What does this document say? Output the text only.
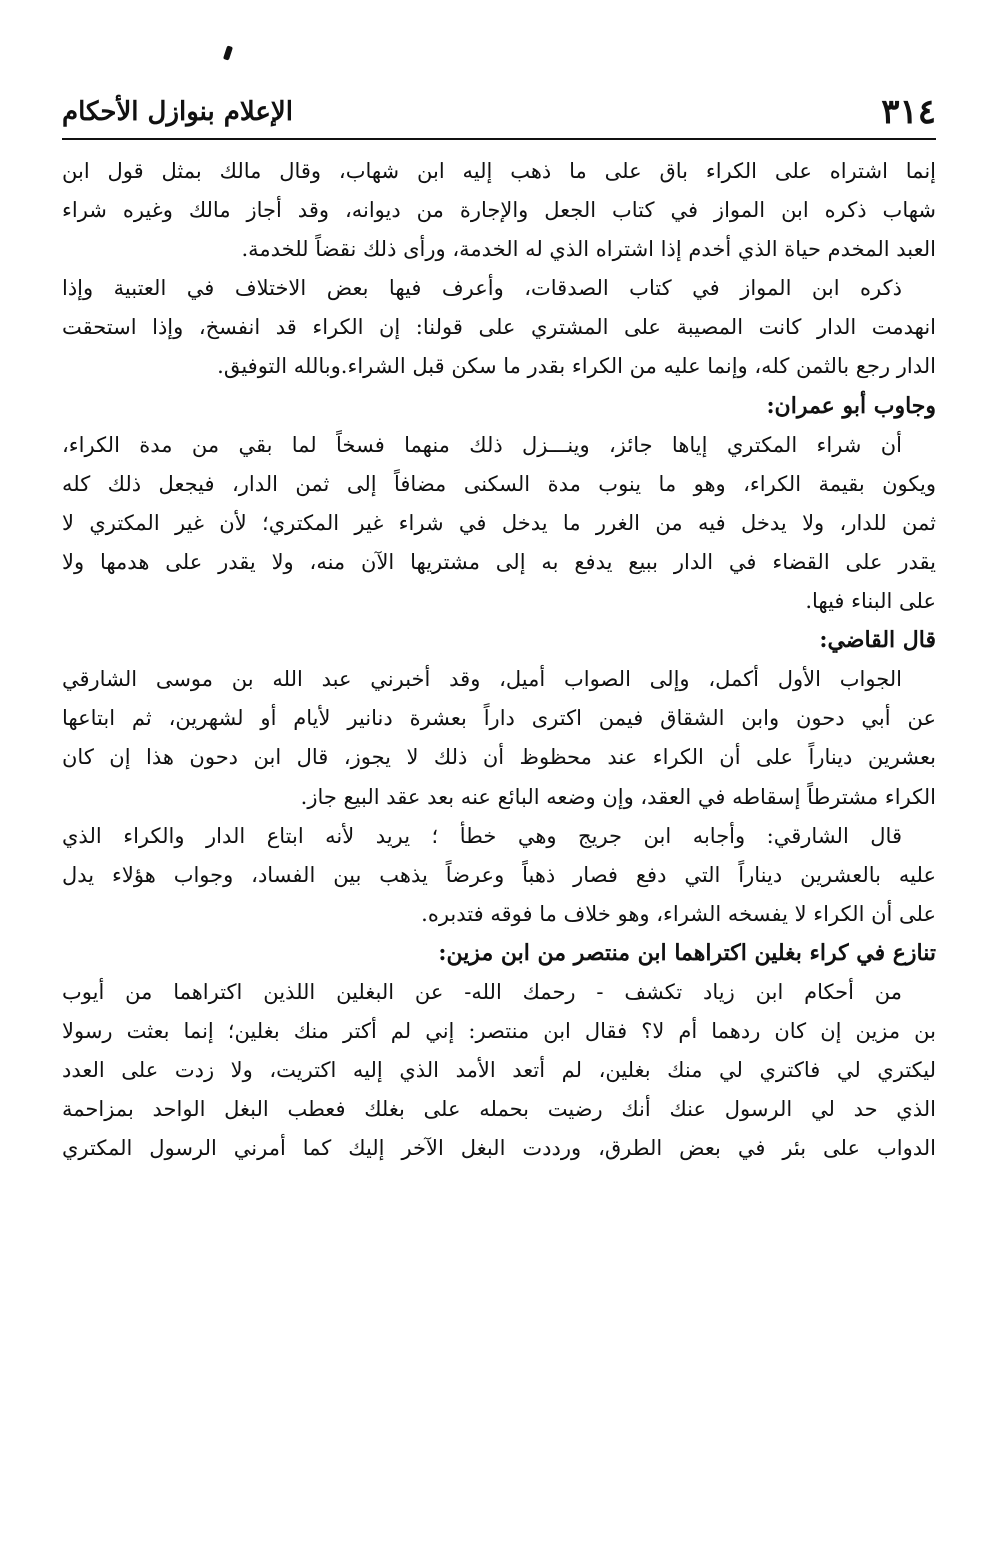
٣١٤
الإعلام بنوازل الأحكام
إنما اشتراه على الكراء باق على ما ذهب إليه ابن شهاب، وقال مالك بمثل قول ابن
شهاب ذكره ابن المواز في كتاب الجعل والإجارة من ديوانه، وقد أجاز مالك وغيره شراء
العبد المخدم حياة الذي أخدم إذا اشتراه الذي له الخدمة، ورأى ذلك نقضاً للخدمة.
ذكره ابن المواز في كتاب الصدقات، وأعرف فيها بعض الاختلاف في العتبية وإذا
انهدمت الدار كانت المصيبة على المشتري على قولنا: إن الكراء قد انفسخ، وإذا استحقت
الدار رجع بالثمن كله، وإنما عليه من الكراء بقدر ما سكن قبل الشراء.وبالله التوفيق.
وجاوب أبو عمران:
أن شراء المكتري إياها جائز، وينـــزل ذلك منهما فسخاً لما بقي من مدة الكراء،
ويكون بقيمة الكراء، وهو ما ينوب مدة السكنى مضافاً إلى ثمن الدار، فيجعل ذلك كله
ثمن للدار، ولا يدخل فيه من الغرر ما يدخل في شراء غير المكتري؛ لأن غير المكتري لا
يقدر على القضاء في الدار ببيع يدفع به إلى مشتريها الآن منه، ولا يقدر على هدمها ولا
على البناء فيها.
قال القاضي:
الجواب الأول أكمل، وإلى الصواب أميل، وقد أخبرني عبد الله بن موسى الشارقي
عن أبي دحون وابن الشقاق فيمن اكترى داراً بعشرة دنانير لأيام أو لشهرين، ثم ابتاعها
بعشرين ديناراً على أن الكراء عند محظوظ أن ذلك لا يجوز، قال ابن دحون هذا إن كان
الكراء مشترطاً إسقاطه في العقد، وإن وضعه البائع عنه بعد عقد البيع جاز.
قال الشارقي: وأجابه ابن جريج وهي خطأ ؛ يريد لأنه ابتاع الدار والكراء الذي
عليه بالعشرين ديناراً التي دفع فصار ذهباً وعرضاً يذهب بين الفساد، وجواب هؤلاء يدل
على أن الكراء لا يفسخه الشراء، وهو خلاف ما فوقه فتدبره.
تنازع في كراء بغلين اكتراهما ابن منتصر من ابن مزين:
من أحكام ابن زياد تكشف - رحمك الله- عن البغلين اللذين اكتراهما من أيوب
بن مزين إن كان ردهما أم لا؟ فقال ابن منتصر: إني لم أكتر منك بغلين؛ إنما بعثت رسولا
ليكتري لي فاكتري لي منك بغلين، لم أتعد الأمد الذي إليه اكتريت، ولا زدت على العدد
الذي حد لي الرسول عنك أنك رضيت بحمله على بغلك فعطب البغل الواحد بمزاحمة
الدواب على بئر في بعض الطرق، ورددت البغل الآخر إليك كما أمرني الرسول المكتري
